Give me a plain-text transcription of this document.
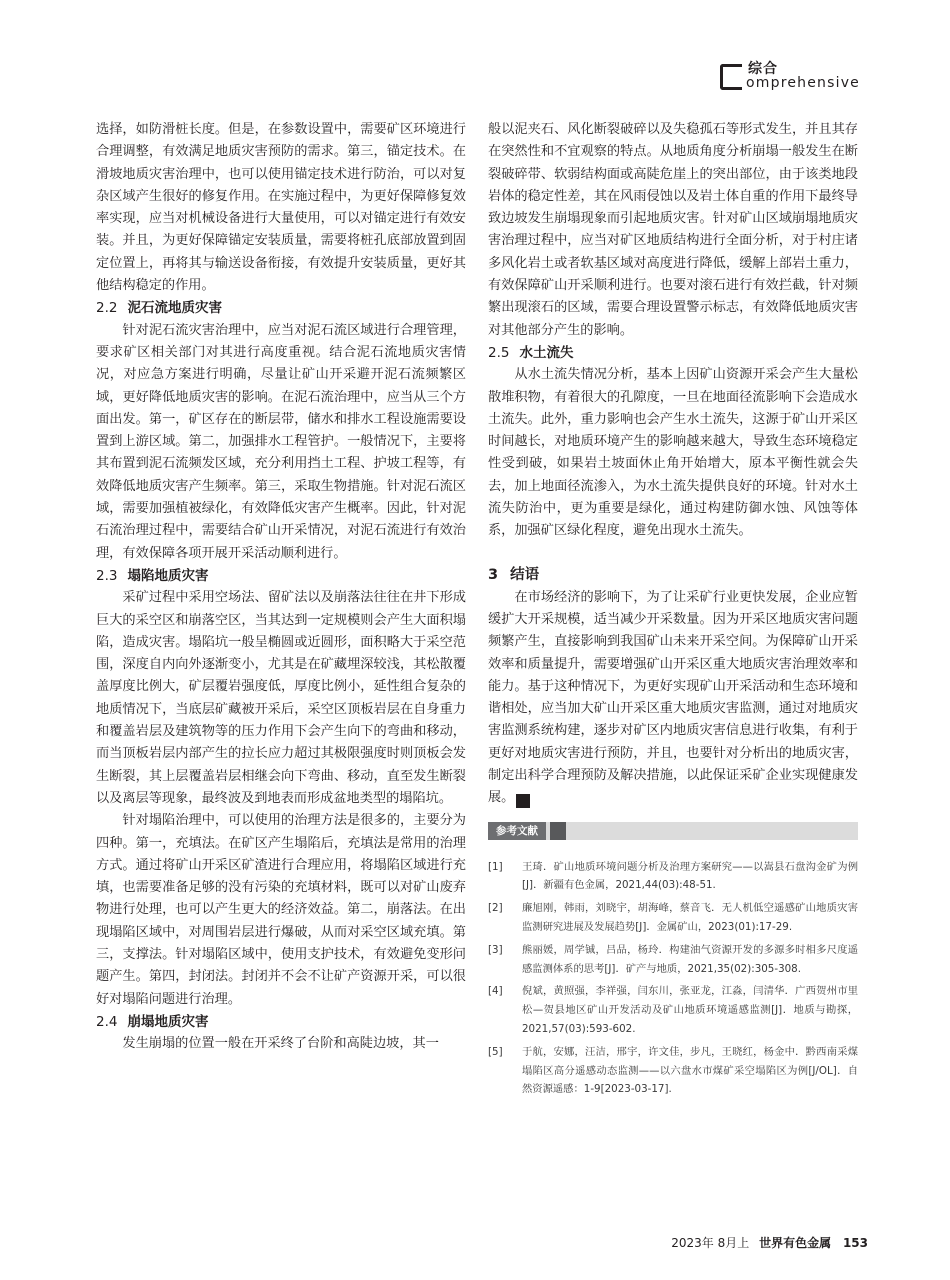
综合
omprehensive

选择，如防滑桩长度。但是，在参数设置中，需要矿区环境进行合理调整，有效满足地质灾害预防的需求。第三，锚定技术。在滑坡地质灾害治理中，也可以使用锚定技术进行防治，可以对复杂区域产生很好的修复作用。在实施过程中，为更好保障修复效率实现，应当对机械设备进行大量使用，可以对锚定进行有效安装。并且，为更好保障锚定安装质量，需要将桩孔底部放置到固定位置上，再将其与输送设备衔接，有效提升安装质量，更好其他结构稳定的作用。

2.2 泥石流地质灾害

针对泥石流灾害治理中，应当对泥石流区域进行合理管理，要求矿区相关部门对其进行高度重视。结合泥石流地质灾害情况，对应急方案进行明确，尽量让矿山开采避开泥石流频繁区域，更好降低地质灾害的影响。在泥石流治理中，应当从三个方面出发。第一，矿区存在的断层带，储水和排水工程设施需要设置到上游区域。第二，加强排水工程管护。一般情况下，主要将其布置到泥石流频发区域，充分利用挡土工程、护坡工程等，有效降低地质灾害产生频率。第三，采取生物措施。针对泥石流区域，需要加强植被绿化，有效降低灾害产生概率。因此，针对泥石流治理过程中，需要结合矿山开采情况，对泥石流进行有效治理，有效保障各项开展开采活动顺利进行。

2.3 塌陷地质灾害

采矿过程中采用空场法、留矿法以及崩落法往往在井下形成巨大的采空区和崩落空区，当其达到一定规模则会产生大面积塌陷，造成灾害。塌陷坑一般呈椭圆或近圆形，面积略大于采空范围，深度自内向外逐渐变小，尤其是在矿藏埋深较浅，其松散覆盖厚度比例大，矿层覆岩强度低，厚度比例小，延性组合复杂的地质情况下，当底层矿藏被开采后，采空区顶板岩层在自身重力和覆盖岩层及建筑物等的压力作用下会产生向下的弯曲和移动，而当顶板岩层内部产生的拉长应力超过其极限强度时则顶板会发生断裂，其上层覆盖岩层相继会向下弯曲、移动，直至发生断裂以及离层等现象，最终波及到地表而形成盆地类型的塌陷坑。

针对塌陷治理中，可以使用的治理方法是很多的，主要分为四种。第一，充填法。在矿区产生塌陷后，充填法是常用的治理方式。通过将矿山开采区矿渣进行合理应用，将塌陷区域进行充填，也需要准备足够的没有污染的充填材料，既可以对矿山废弃物进行处理，也可以产生更大的经济效益。第二，崩落法。在出现塌陷区域中，对周围岩层进行爆破，从而对采空区域充填。第三，支撑法。针对塌陷区域中，使用支护技术，有效避免变形问题产生。第四，封闭法。封闭并不会不让矿产资源开采，可以很好对塌陷问题进行治理。

2.4 崩塌地质灾害

发生崩塌的位置一般在开采终了台阶和高陡边坡，其一

般以泥夹石、风化断裂破碎以及失稳孤石等形式发生，并且其存在突然性和不宜观察的特点。从地质角度分析崩塌一般发生在断裂破碎带、软弱结构面或高陡危崖上的突出部位，由于该类地段岩体的稳定性差，其在风雨侵蚀以及岩土体自重的作用下最终导致边坡发生崩塌现象而引起地质灾害。针对矿山区域崩塌地质灾害治理过程中，应当对矿区地质结构进行全面分析，对于村庄诸多风化岩土或者软基区域对高度进行降低，缓解上部岩土重力，有效保障矿山开采顺利进行。也要对滚石进行有效拦截，针对频繁出现滚石的区域，需要合理设置警示标志，有效降低地质灾害对其他部分产生的影响。

2.5 水土流失

从水土流失情况分析，基本上因矿山资源开采会产生大量松散堆积物，有着很大的孔隙度，一旦在地面径流影响下会造成水土流失。此外，重力影响也会产生水土流失，这源于矿山开采区时间越长，对地质环境产生的影响越来越大，导致生态环境稳定性受到破，如果岩土坡面休止角开始增大，原本平衡性就会失去，加上地面径流渗入，为水土流失提供良好的环境。针对水土流失防治中，更为重要是绿化，通过构建防御水蚀、风蚀等体系，加强矿区绿化程度，避免出现水土流失。

3 结语

在市场经济的影响下，为了让采矿行业更快发展，企业应暂缓扩大开采规模，适当减少开采数量。因为开采区地质灾害问题频繁产生，直接影响到我国矿山未来开采空间。为保障矿山开采效率和质量提升，需要增强矿山开采区重大地质灾害治理效率和能力。基于这种情况下，为更好实现矿山开采活动和生态环境和谐相处，应当加大矿山开采区重大地质灾害监测，通过对地质灾害监测系统构建，逐步对矿区内地质灾害信息进行收集，有利于更好对地质灾害进行预防，并且，也要针对分析出的地质灾害，制定出科学合理预防及解决措施，以此保证采矿企业实现健康发展。	W

参考文献
[1] 王琦．矿山地质环境问题分析及治理方案研究——以嵩县石盘沟金矿为例[J]．新疆有色金属，2021,44(03):48-51.
[2] 廉旭刚，韩雨，刘晓宇，胡海峰，蔡音飞．无人机低空遥感矿山地质灾害监测研究进展及发展趋势[J]．金属矿山，2023(01):17-29.
[3] 熊丽媛，周学铖，吕品，杨玲．构建油气资源开发的多源多时相多尺度遥感监测体系的思考[J]．矿产与地质，2021,35(02):305-308.
[4] 倪斌，黄照强，李祥强，闫东川，张亚龙，江淼，闫清华．广西贺州市里松—贺县地区矿山开发活动及矿山地质环境遥感监测[J]．地质与勘探，2021,57(03):593-602.
[5] 于航，安娜，汪洁，邢宇，许文佳，步凡，王晓红，杨金中．黔西南采煤塌陷区高分遥感动态监测——以六盘水市煤矿采空塌陷区为例[J/OL]．自然资源遥感：1-9[2023-03-17].
2023年 8月上 世界有色金属 153
